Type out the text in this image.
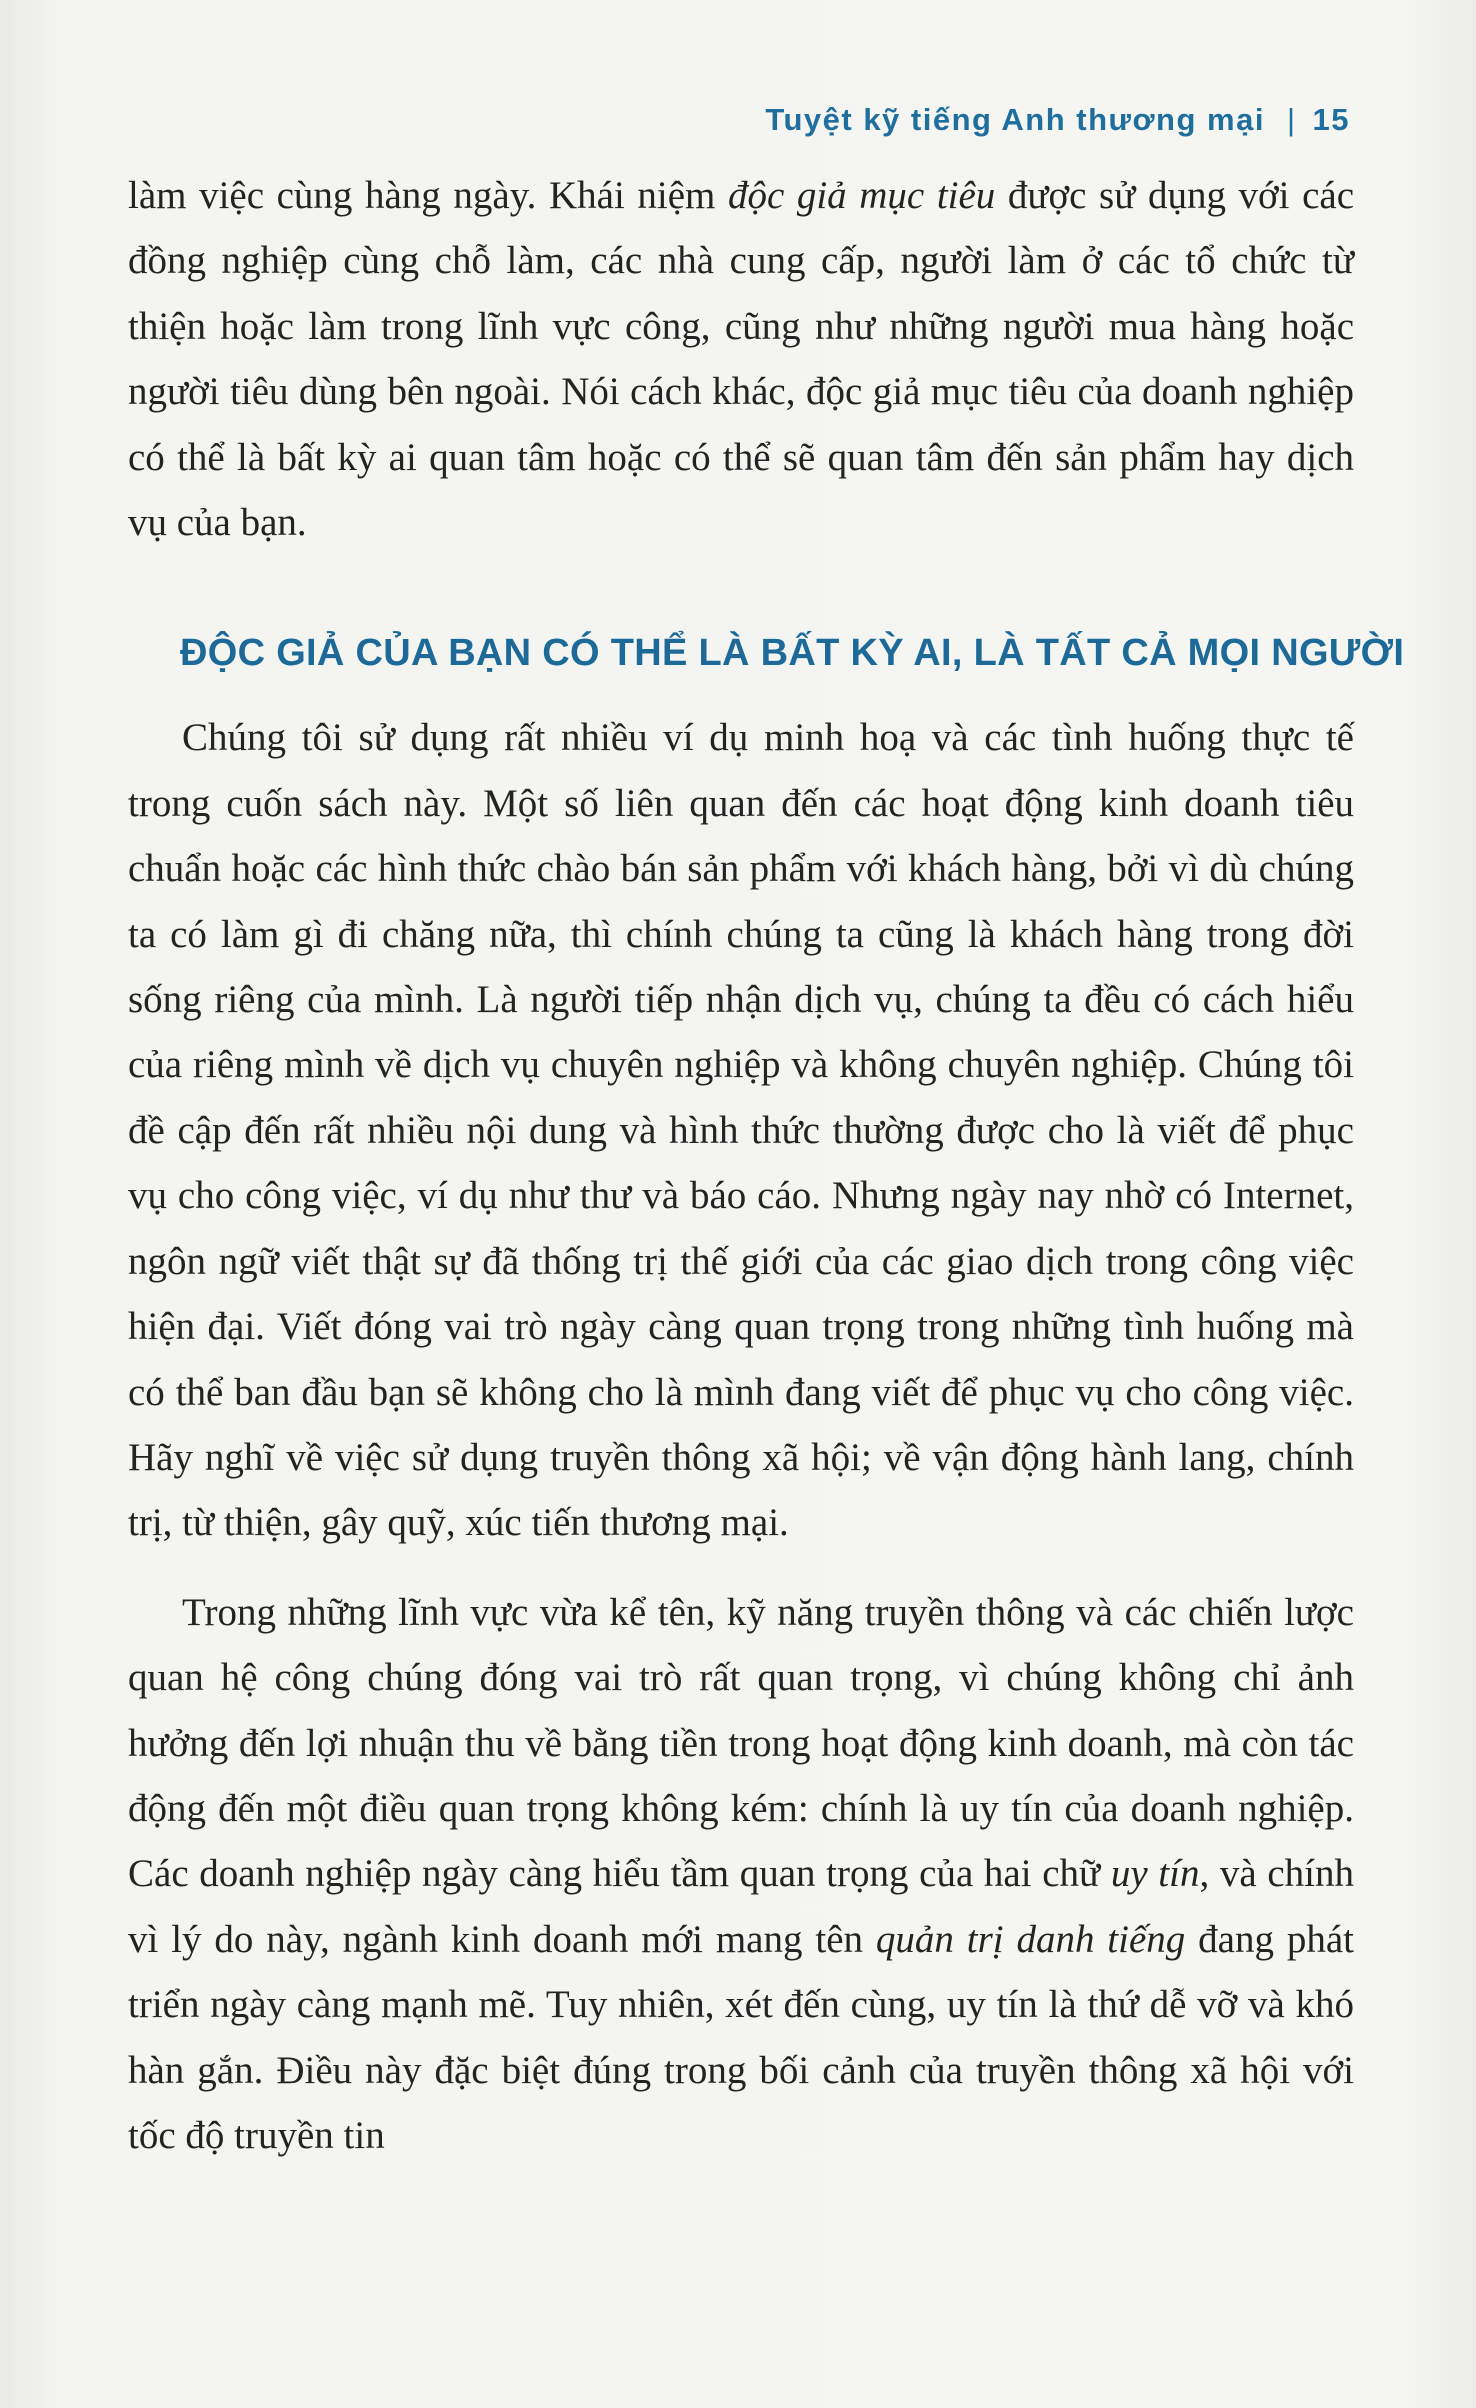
Tuyệt kỹ tiếng Anh thương mại | 15

làm việc cùng hàng ngày. Khái niệm độc giả mục tiêu được sử dụng với các đồng nghiệp cùng chỗ làm, các nhà cung cấp, người làm ở các tổ chức từ thiện hoặc làm trong lĩnh vực công, cũng như những người mua hàng hoặc người tiêu dùng bên ngoài. Nói cách khác, độc giả mục tiêu của doanh nghiệp có thể là bất kỳ ai quan tâm hoặc có thể sẽ quan tâm đến sản phẩm hay dịch vụ của bạn.

ĐỘC GIẢ CỦA BẠN CÓ THỂ LÀ BẤT KỲ AI, LÀ TẤT CẢ MỌI NGƯỜI

Chúng tôi sử dụng rất nhiều ví dụ minh hoạ và các tình huống thực tế trong cuốn sách này. Một số liên quan đến các hoạt động kinh doanh tiêu chuẩn hoặc các hình thức chào bán sản phẩm với khách hàng, bởi vì dù chúng ta có làm gì đi chăng nữa, thì chính chúng ta cũng là khách hàng trong đời sống riêng của mình. Là người tiếp nhận dịch vụ, chúng ta đều có cách hiểu của riêng mình về dịch vụ chuyên nghiệp và không chuyên nghiệp. Chúng tôi đề cập đến rất nhiều nội dung và hình thức thường được cho là viết để phục vụ cho công việc, ví dụ như thư và báo cáo. Nhưng ngày nay nhờ có Internet, ngôn ngữ viết thật sự đã thống trị thế giới của các giao dịch trong công việc hiện đại. Viết đóng vai trò ngày càng quan trọng trong những tình huống mà có thể ban đầu bạn sẽ không cho là mình đang viết để phục vụ cho công việc. Hãy nghĩ về việc sử dụng truyền thông xã hội; về vận động hành lang, chính trị, từ thiện, gây quỹ, xúc tiến thương mại.

Trong những lĩnh vực vừa kể tên, kỹ năng truyền thông và các chiến lược quan hệ công chúng đóng vai trò rất quan trọng, vì chúng không chỉ ảnh hưởng đến lợi nhuận thu về bằng tiền trong hoạt động kinh doanh, mà còn tác động đến một điều quan trọng không kém: chính là uy tín của doanh nghiệp. Các doanh nghiệp ngày càng hiểu tầm quan trọng của hai chữ uy tín, và chính vì lý do này, ngành kinh doanh mới mang tên quản trị danh tiếng đang phát triển ngày càng mạnh mẽ. Tuy nhiên, xét đến cùng, uy tín là thứ dễ vỡ và khó hàn gắn. Điều này đặc biệt đúng trong bối cảnh của truyền thông xã hội với tốc độ truyền tin
